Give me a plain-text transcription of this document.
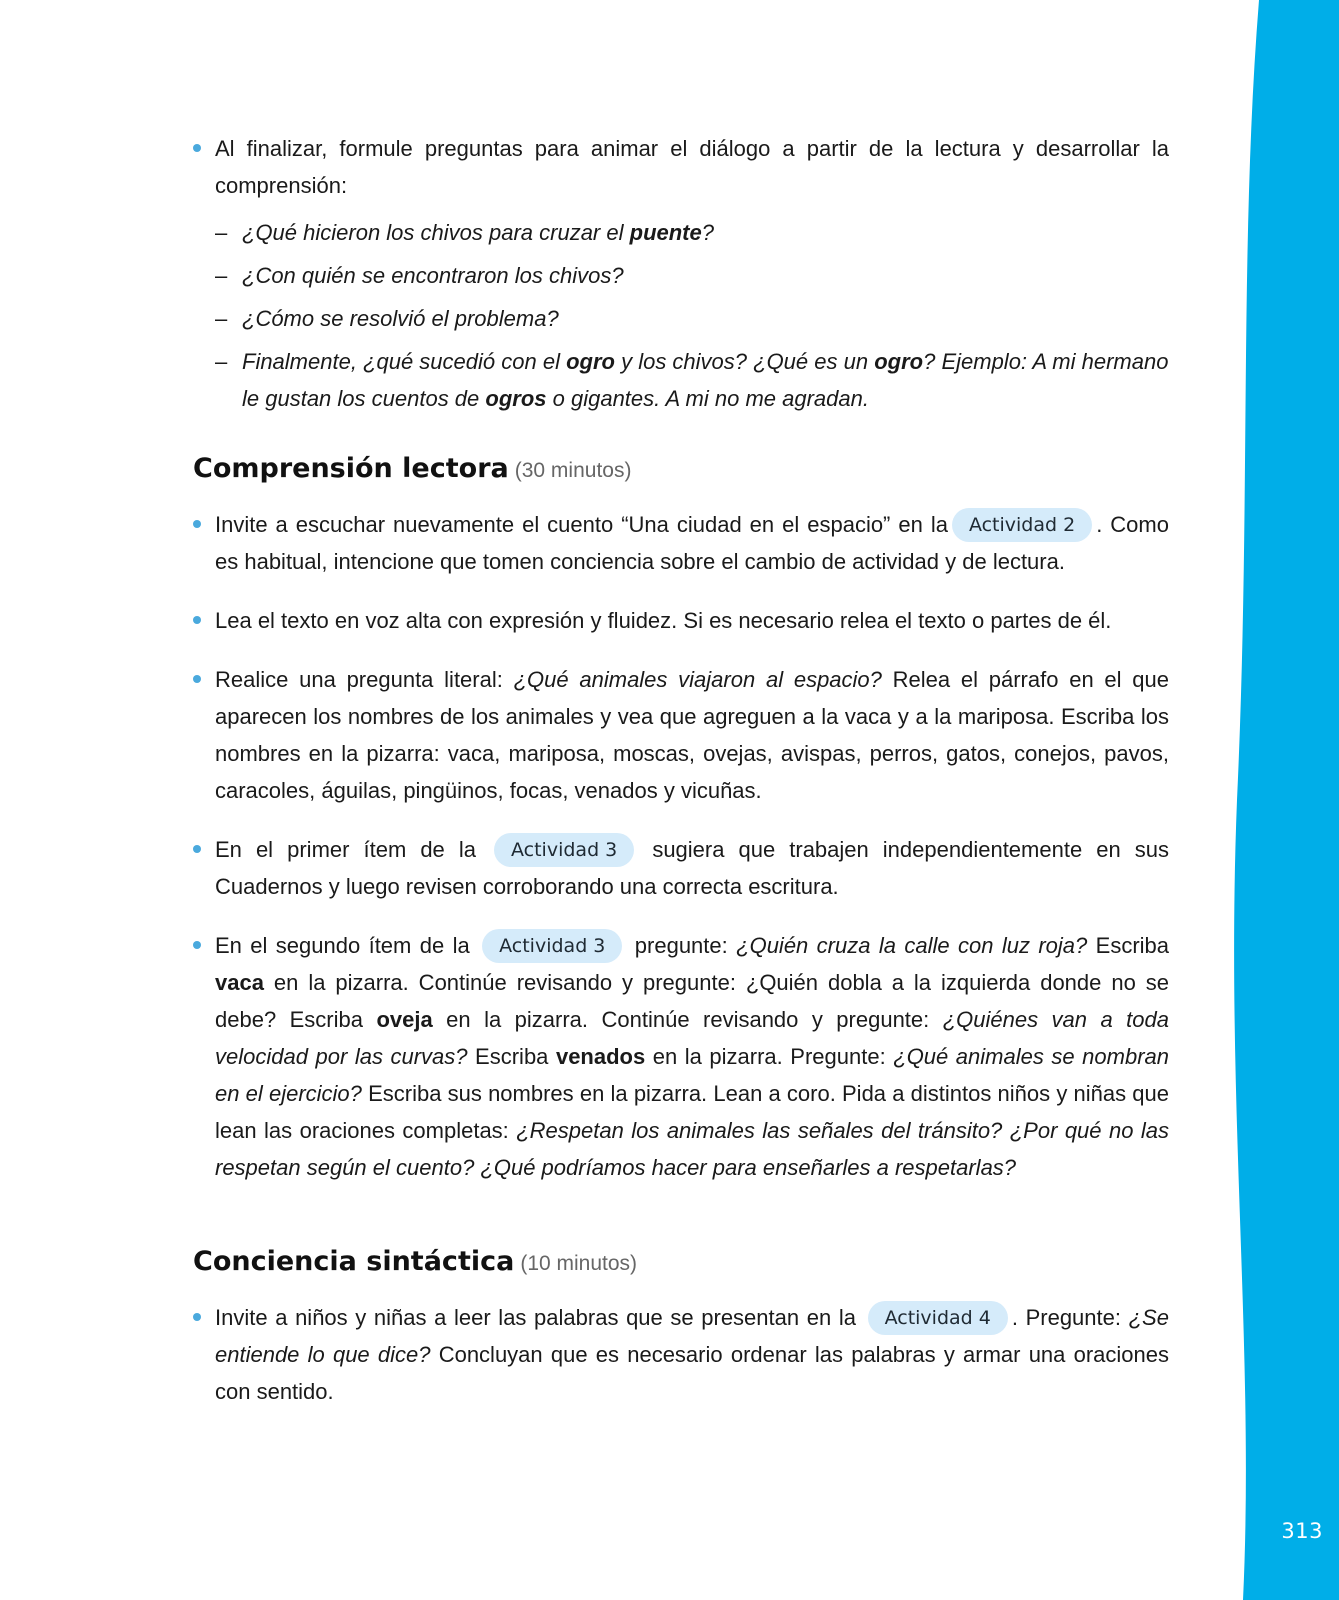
313
Al finalizar, formule preguntas para animar el diálogo a partir de la lectura y desarrollar la comprensión:
– ¿Qué hicieron los chivos para cruzar el puente?
– ¿Con quién se encontraron los chivos?
– ¿Cómo se resolvió el problema?
– Finalmente, ¿qué sucedió con el ogro y los chivos? ¿Qué es un ogro? Ejemplo: A mi hermano le gustan los cuentos de ogros o gigantes. A mi no me agradan.
Comprensión lectora (30 minutos)
Invite a escuchar nuevamente el cuento “Una ciudad en el espacio” en la Actividad 2 . Como es habitual, intencione que tomen conciencia sobre el cambio de actividad y de lectura.
Lea el texto en voz alta con expresión y fluidez. Si es necesario relea el texto o partes de él.
Realice una pregunta literal: ¿Qué animales viajaron al espacio? Relea el párrafo en el que aparecen los nombres de los animales y vea que agreguen a la vaca y a la mariposa. Escriba los nombres en la pizarra: vaca, mariposa, moscas, ovejas, avispas, perros, gatos, conejos, pavos, caracoles, águilas, pingüinos, focas, venados y vicuñas.
En el primer ítem de la Actividad 3 sugiera que trabajen independientemente en sus Cuadernos y luego revisen corroborando una correcta escritura.
En el segundo ítem de la Actividad 3 pregunte: ¿Quién cruza la calle con luz roja? Escriba vaca en la pizarra. Continúe revisando y pregunte: ¿Quién dobla a la izquierda donde no se debe? Escriba oveja en la pizarra. Continúe revisando y pregunte: ¿Quiénes van a toda velocidad por las curvas? Escriba venados en la pizarra. Pregunte: ¿Qué animales se nombran en el ejercicio? Escriba sus nombres en la pizarra. Lean a coro. Pida a distintos niños y niñas que lean las oraciones completas: ¿Respetan los animales las señales del tránsito? ¿Por qué no las respetan según el cuento? ¿Qué podríamos hacer para enseñarles a respetarlas?
Conciencia sintáctica (10 minutos)
Invite a niños y niñas a leer las palabras que se presentan en la Actividad 4 . Pregunte: ¿Se entiende lo que dice? Concluyan que es necesario ordenar las palabras y armar una oraciones con sentido.
